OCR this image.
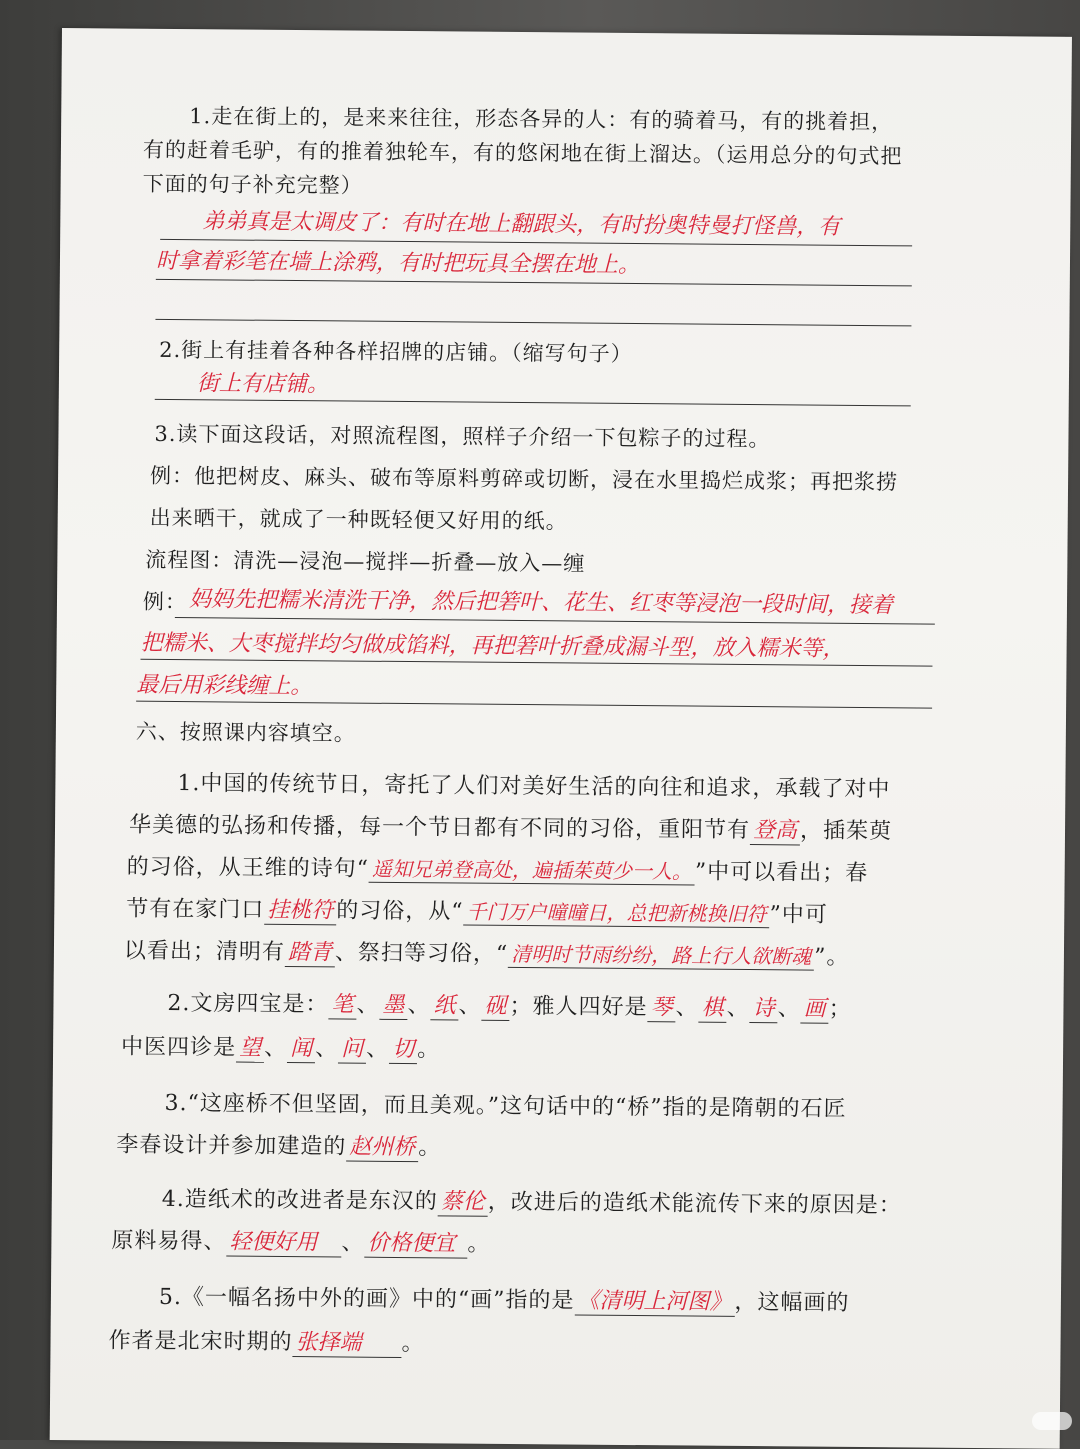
1.走在街上的，是来来往往，形态各异的人：有的骑着马，有的挑着担，
有的赶着毛驴，有的推着独轮车，有的悠闲地在街上溜达。（运用总分的句式把
下面的句子补充完整）
弟弟真是太调皮了：有时在地上翻跟头，有时扮奥特曼打怪兽，有
时拿着彩笔在墙上涂鸦，有时把玩具全摆在地上。
2.街上有挂着各种各样招牌的店铺。（缩写句子）
街上有店铺。
3.读下面这段话，对照流程图，照样子介绍一下包粽子的过程。
例：他把树皮、麻头、破布等原料剪碎或切断，浸在水里捣烂成浆；再把浆捞
出来晒干，就成了一种既轻便又好用的纸。
流程图：清洗—浸泡—搅拌—折叠—放入—缠
例： 妈妈先把糯米清洗干净，然后把箬叶、花生、红枣等浸泡一段时间，接着
把糯米、大枣搅拌均匀做成馅料，再把箬叶折叠成漏斗型，放入糯米等，
最后用彩线缠上。
六、按照课内容填空。
1.中国的传统节日，寄托了人们对美好生活的向往和追求，承载了对中
华美德的弘扬和传播，每一个节日都有不同的习俗，重阳节有 登高 ，插茱萸
的习俗，从王维的诗句“ 遥知兄弟登高处，遍插茱萸少一人。 ”中可以看出；春
节有在家门口 挂桃符 的习俗，从“ 千门万户曈曈日，总把新桃换旧符 ”中可
以看出；清明有 踏青 、祭扫等习俗，“ 清明时节雨纷纷，路上行人欲断魂 ”。
2.文房四宝是： 笔 、 墨 、 纸 、 砚 ；雅人四好是 琴 、 棋 、 诗 、 画 ；
中医四诊是 望 、 闻 、 问 、 切 。
3.“这座桥不但坚固，而且美观。”这句话中的“桥”指的是隋朝的石匠
李春设计并参加建造的 赵州桥 。
4.造纸术的改进者是东汉的 蔡伦 ，改进后的造纸术能流传下来的原因是：
原料易得、 轻便好用 、 价格便宜 。
5.《一幅名扬中外的画》中的“画”指的是 《清明上河图》 ，这幅画的
作者是北宋时期的 张择端 。
